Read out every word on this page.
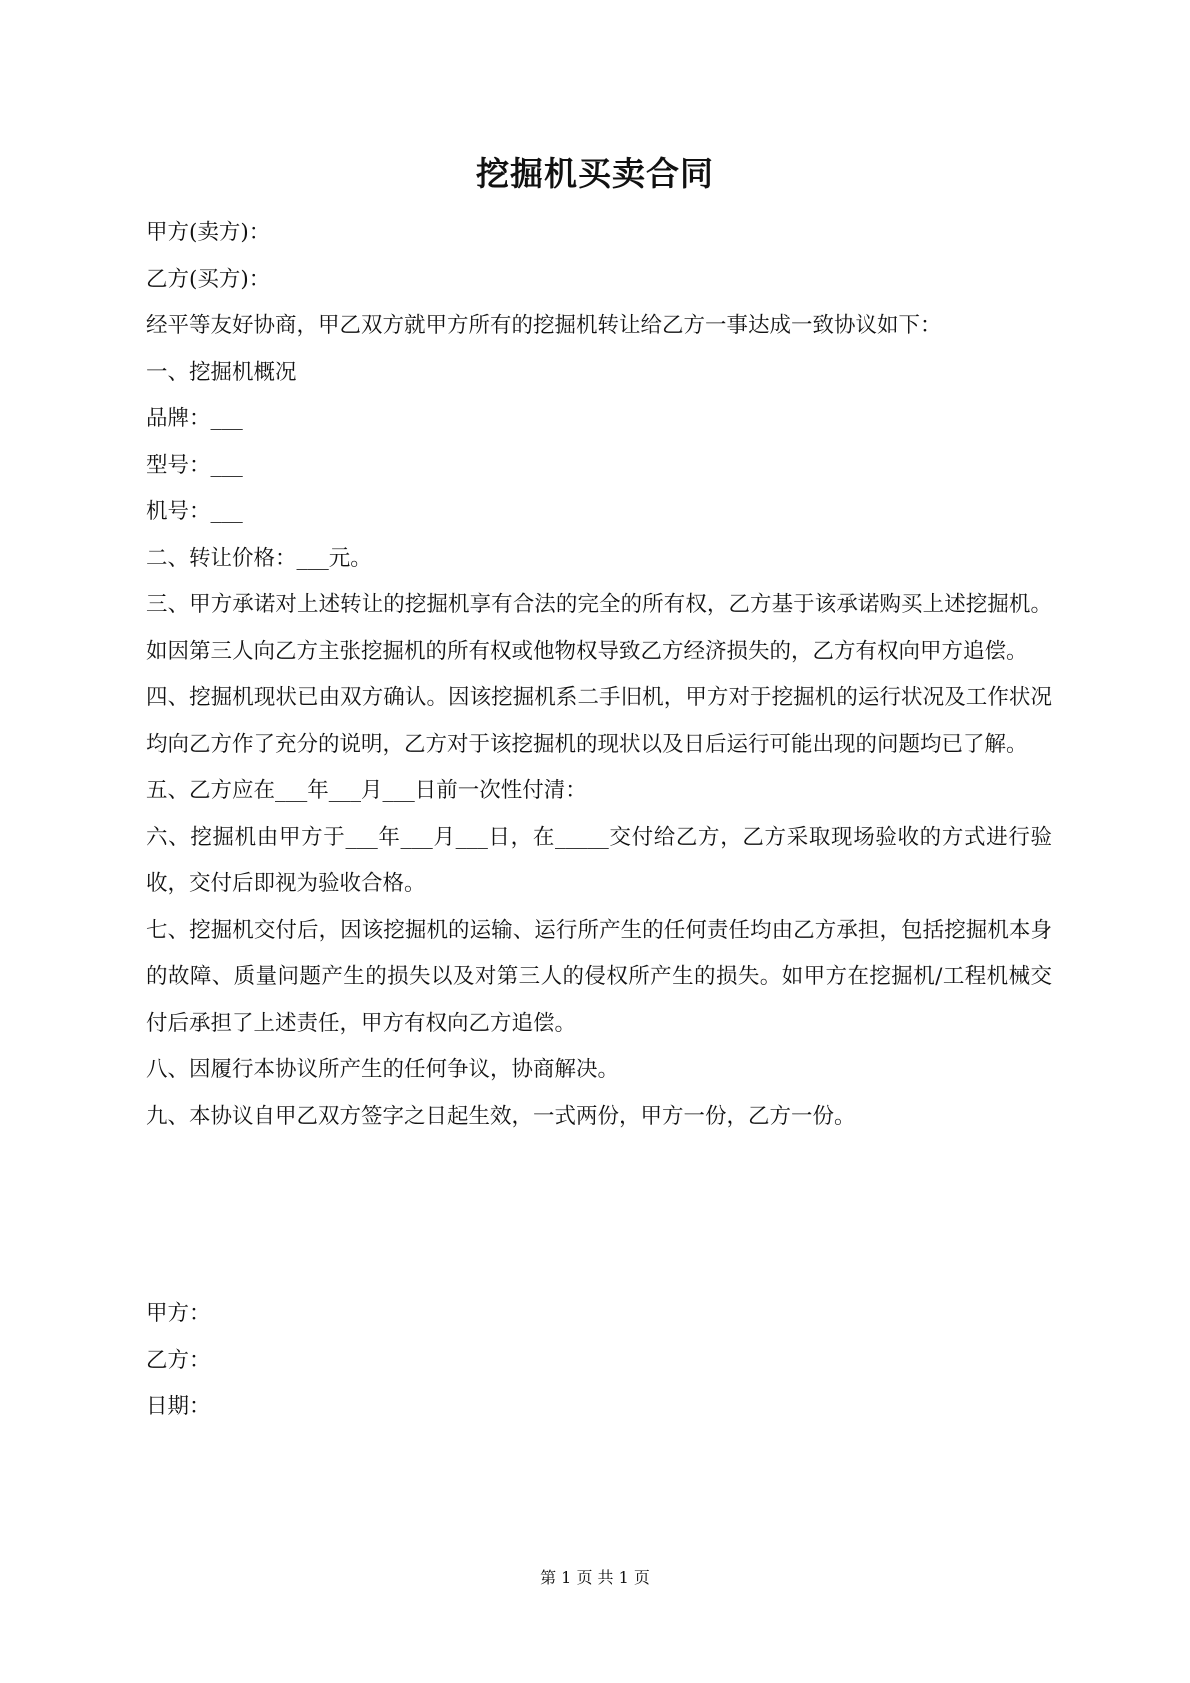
挖掘机买卖合同

甲方(卖方)：

乙方(买方)：

经平等友好协商，甲乙双方就甲方所有的挖掘机转让给乙方一事达成一致协议如下：

一、挖掘机概况

品牌：___

型号：___

机号：___

二、转让价格：___元。

三、甲方承诺对上述转让的挖掘机享有合法的完全的所有权，乙方基于该承诺购买上述挖掘机。如因第三人向乙方主张挖掘机的所有权或他物权导致乙方经济损失的，乙方有权向甲方追偿。

四、挖掘机现状已由双方确认。因该挖掘机系二手旧机，甲方对于挖掘机的运行状况及工作状况均向乙方作了充分的说明，乙方对于该挖掘机的现状以及日后运行可能出现的问题均已了解。

五、乙方应在___年___月___日前一次性付清：

六、挖掘机由甲方于___年___月___日，在_____交付给乙方，乙方采取现场验收的方式进行验收，交付后即视为验收合格。

七、挖掘机交付后，因该挖掘机的运输、运行所产生的任何责任均由乙方承担，包括挖掘机本身的故障、质量问题产生的损失以及对第三人的侵权所产生的损失。如甲方在挖掘机/工程机械交付后承担了上述责任，甲方有权向乙方追偿。

八、因履行本协议所产生的任何争议，协商解决。

九、本协议自甲乙双方签字之日起生效，一式两份，甲方一份，乙方一份。

甲方：

乙方：

日期：

第 1 页 共 1 页
